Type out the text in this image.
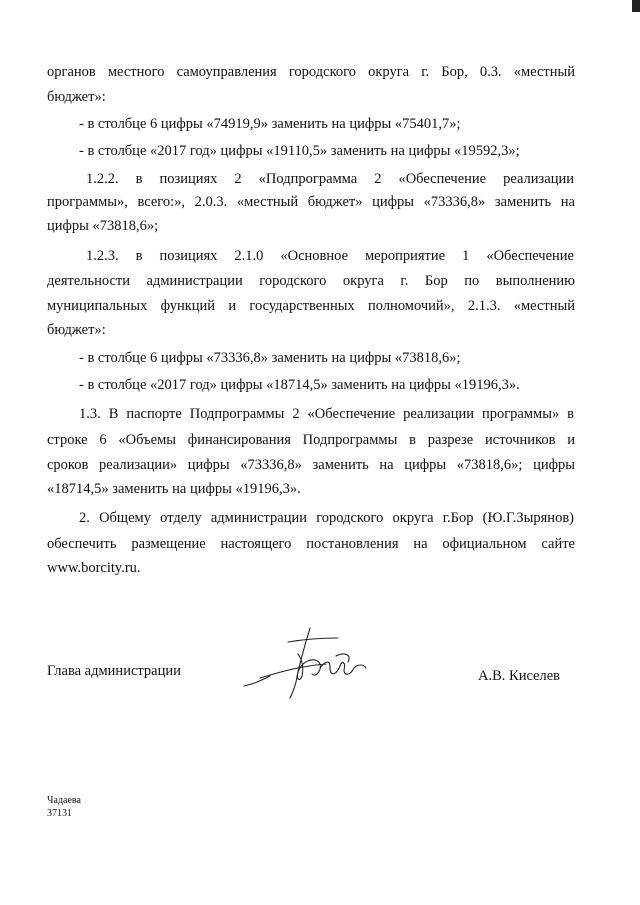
органов местного самоуправления городского округа г. Бор, 0.3. «местный
бюджет»:
- в столбце 6 цифры «74919,9» заменить на цифры «75401,7»;
- в столбце «2017 год» цифры «19110,5» заменить на цифры «19592,3»;
1.2.2. в позициях 2 «Подпрограмма 2 «Обеспечение реализации
программы», всего:», 2.0.3. «местный бюджет» цифры «73336,8» заменить на
цифры «73818,6»;
1.2.3. в позициях 2.1.0 «Основное мероприятие 1 «Обеспечение
деятельности администрации городского округа г. Бор по выполнению
муниципальных функций и государственных полномочий», 2.1.3. «местный
бюджет»:
- в столбце 6 цифры «73336,8» заменить на цифры «73818,6»;
- в столбце «2017 год» цифры «18714,5» заменить на цифры «19196,3».
1.3. В паспорте Подпрограммы 2 «Обеспечение реализации программы» в
строке 6 «Объемы финансирования Подпрограммы в разрезе источников и
сроков реализации» цифры «73336,8» заменить на цифры «73818,6»; цифры
«18714,5» заменить на цифры «19196,3».
2. Общему отделу администрации городского округа г.Бор (Ю.Г.Зырянов)
обеспечить размещение настоящего постановления на официальном сайте
www.borcity.ru.
Глава администрации	А.В. Киселев
Чадаева
37131
